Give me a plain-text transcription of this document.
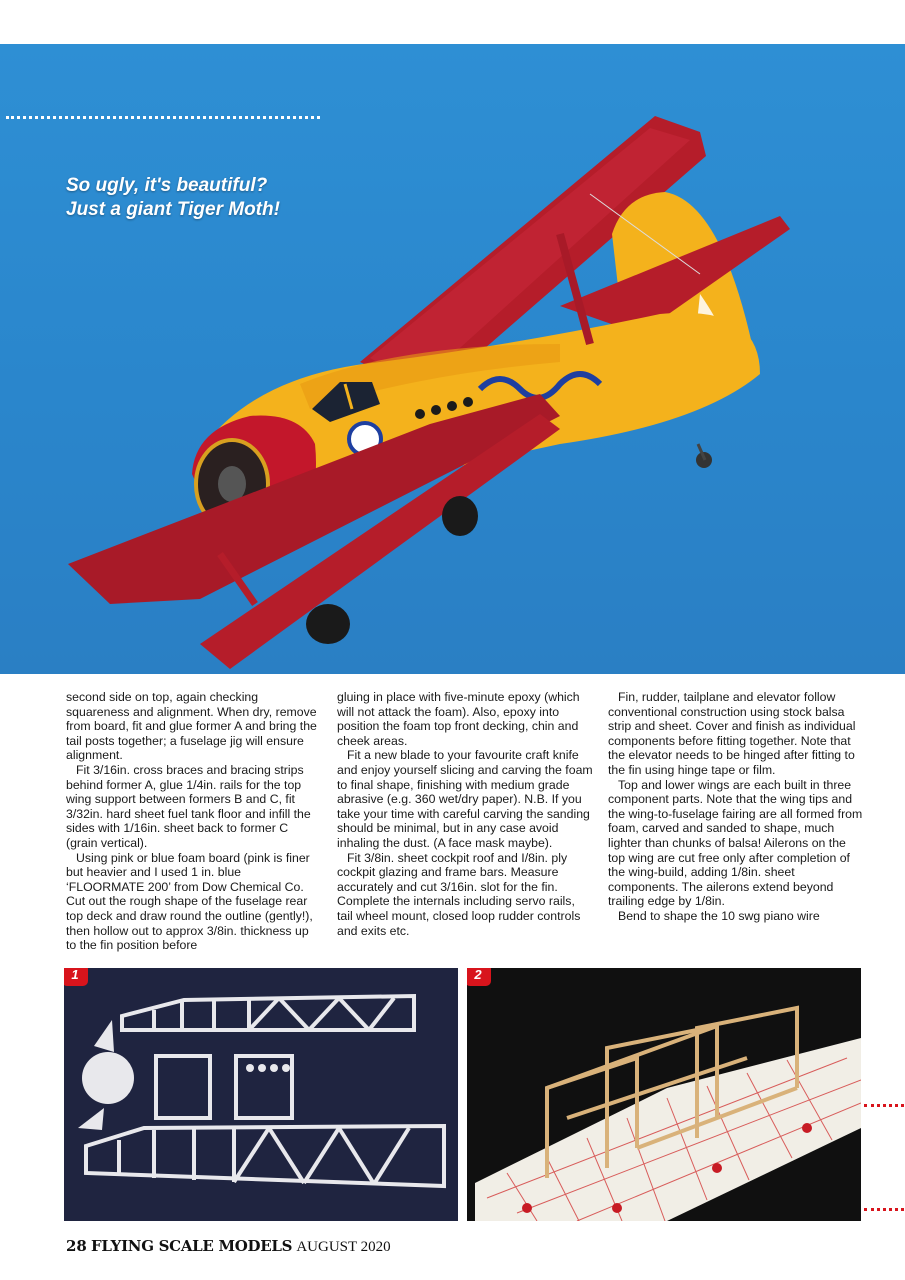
So ugly, it's beautiful?
Just a giant Tiger Moth!

second side on top, again checking squareness and alignment. When dry, remove from board, fit and glue former A and bring the tail posts together; a fuselage jig will ensure alignment.

Fit 3/16in. cross braces and bracing strips behind former A, glue 1/4in. rails for the top wing support between formers B and C, fit 3/32in. hard sheet fuel tank floor and infill the sides with 1/16in. sheet back to former C (grain vertical).

Using pink or blue foam board (pink is finer but heavier and I used 1 in. blue ‘FLOORMATE 200’ from Dow Chemical Co. Cut out the rough shape of the fuselage rear top deck and draw round the outline (gently!), then hollow out to approx 3/8in. thickness up to the fin position before

gluing in place with five-minute epoxy (which will not attack the foam). Also, epoxy into position the foam top front decking, chin and cheek areas.

Fit a new blade to your favourite craft knife and enjoy yourself slicing and carving the foam to final shape, finishing with medium grade abrasive (e.g. 360 wet/dry paper). N.B. If you take your time with careful carving the sanding should be minimal, but in any case avoid inhaling the dust. (A face mask maybe).

Fit 3/8in. sheet cockpit roof and I/8in. ply cockpit glazing and frame bars. Measure accurately and cut 3/16in. slot for the fin. Complete the internals including servo rails, tail wheel mount, closed loop rudder controls and exits etc.

Fin, rudder, tailplane and elevator follow conventional construction using stock balsa strip and sheet. Cover and finish as individual components before fitting together. Note that the elevator needs to be hinged after fitting to the fin using hinge tape or film.

Top and lower wings are each built in three component parts. Note that the wing tips and the wing-to-fuselage fairing are all formed from foam, carved and sanded to shape, much lighter than chunks of balsa! Ailerons on the top wing are cut free only after completion of the wing-build, adding 1/8in. sheet components. The ailerons extend beyond trailing edge by 1/8in.

Bend to shape the 10 swg piano wire

1	2
28 FLYING SCALE MODELS AUGUST 2020
